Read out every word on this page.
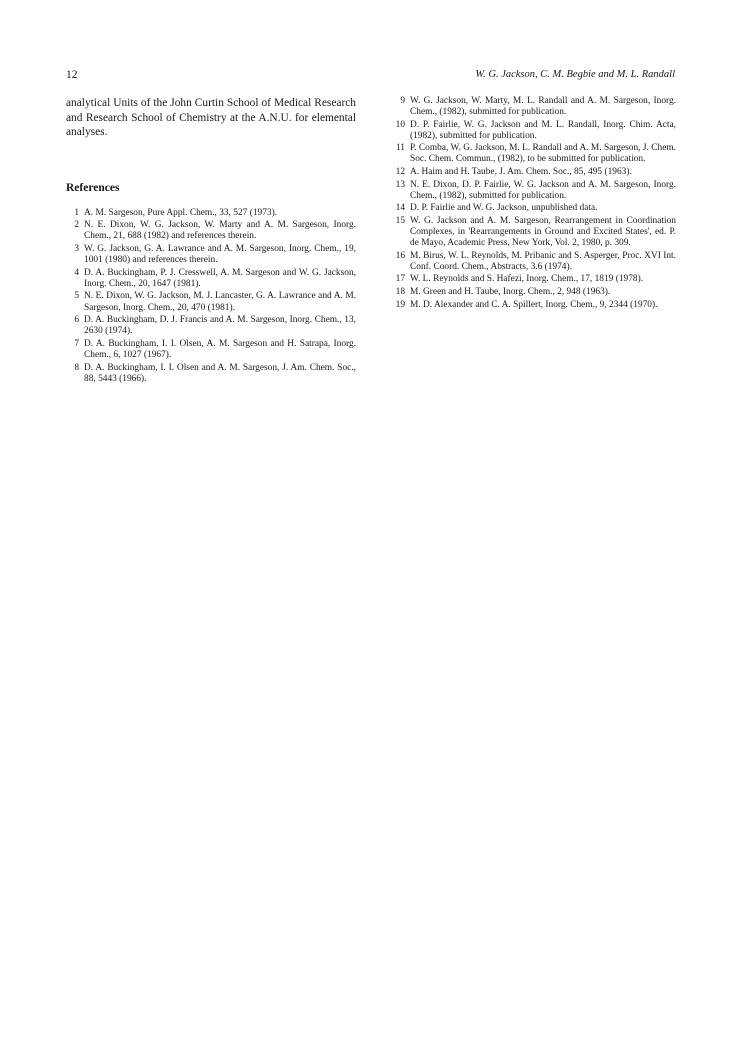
12	W. G. Jackson, C. M. Begbie and M. L. Randall

analytical Units of the John Curtin School of Medical Research and Research School of Chemistry at the A.N.U. for elemental analyses.

References
1 A. M. Sargeson, Pure Appl. Chem., 33, 527 (1973).
2 N. E. Dixon, W. G. Jackson, W. Marty and A. M. Sargeson, Inorg. Chem., 21, 688 (1982) and references therein.
3 W. G. Jackson, G. A. Lawrance and A. M. Sargeson, Inorg. Chem., 19, 1001 (1980) and references therein.
4 D. A. Buckingham, P. J. Cresswell, A. M. Sargeson and W. G. Jackson, Inorg. Chem., 20, 1647 (1981).
5 N. E. Dixon, W. G. Jackson, M. J. Lancaster, G. A. Lawrance and A. M. Sargeson, Inorg. Chem., 20, 470 (1981).
6 D. A. Buckingham, D. J. Francis and A. M. Sargeson, Inorg. Chem., 13, 2630 (1974).
7 D. A. Buckingham, I. I. Olsen, A. M. Sargeson and H. Satrapa, Inorg. Chem., 6, 1027 (1967).
8 D. A. Buckingham, I. I. Olsen and A. M. Sargeson, J. Am. Chem. Soc., 88, 5443 (1966).
9 W. G. Jackson, W. Marty, M. L. Randall and A. M. Sargeson, Inorg. Chem., (1982), submitted for publication.
10 D. P. Fairlie, W. G. Jackson and M. L. Randall, Inorg. Chim. Acta, (1982), submitted for publication.
11 P. Comba, W. G. Jackson, M. L. Randall and A. M. Sargeson, J. Chem. Soc. Chem. Commun., (1982), to be submitted for publication.
12 A. Haim and H. Taube, J. Am. Chem. Soc., 85, 495 (1963).
13 N. E. Dixon, D. P. Fairlie, W. G. Jackson and A. M. Sargeson, Inorg. Chem., (1982), submitted for publication.
14 D. P. Fairlie and W. G. Jackson, unpublished data.
15 W. G. Jackson and A. M. Sargeson, Rearrangement in Coordination Complexes, in 'Rearrangements in Ground and Excited States', ed. P. de Mayo, Academic Press, New York, Vol. 2, 1980, p. 309.
16 M. Birus, W. L. Reynolds, M. Pribanic and S. Asperger, Proc. XVI Int. Conf. Coord. Chem., Abstracts, 3.6 (1974).
17 W. L. Reynolds and S. Hafezi, Inorg. Chem., 17, 1819 (1978).
18 M. Green and H. Taube, Inorg. Chem., 2, 948 (1963).
19 M. D. Alexander and C. A. Spillert, Inorg. Chem., 9, 2344 (1970).
